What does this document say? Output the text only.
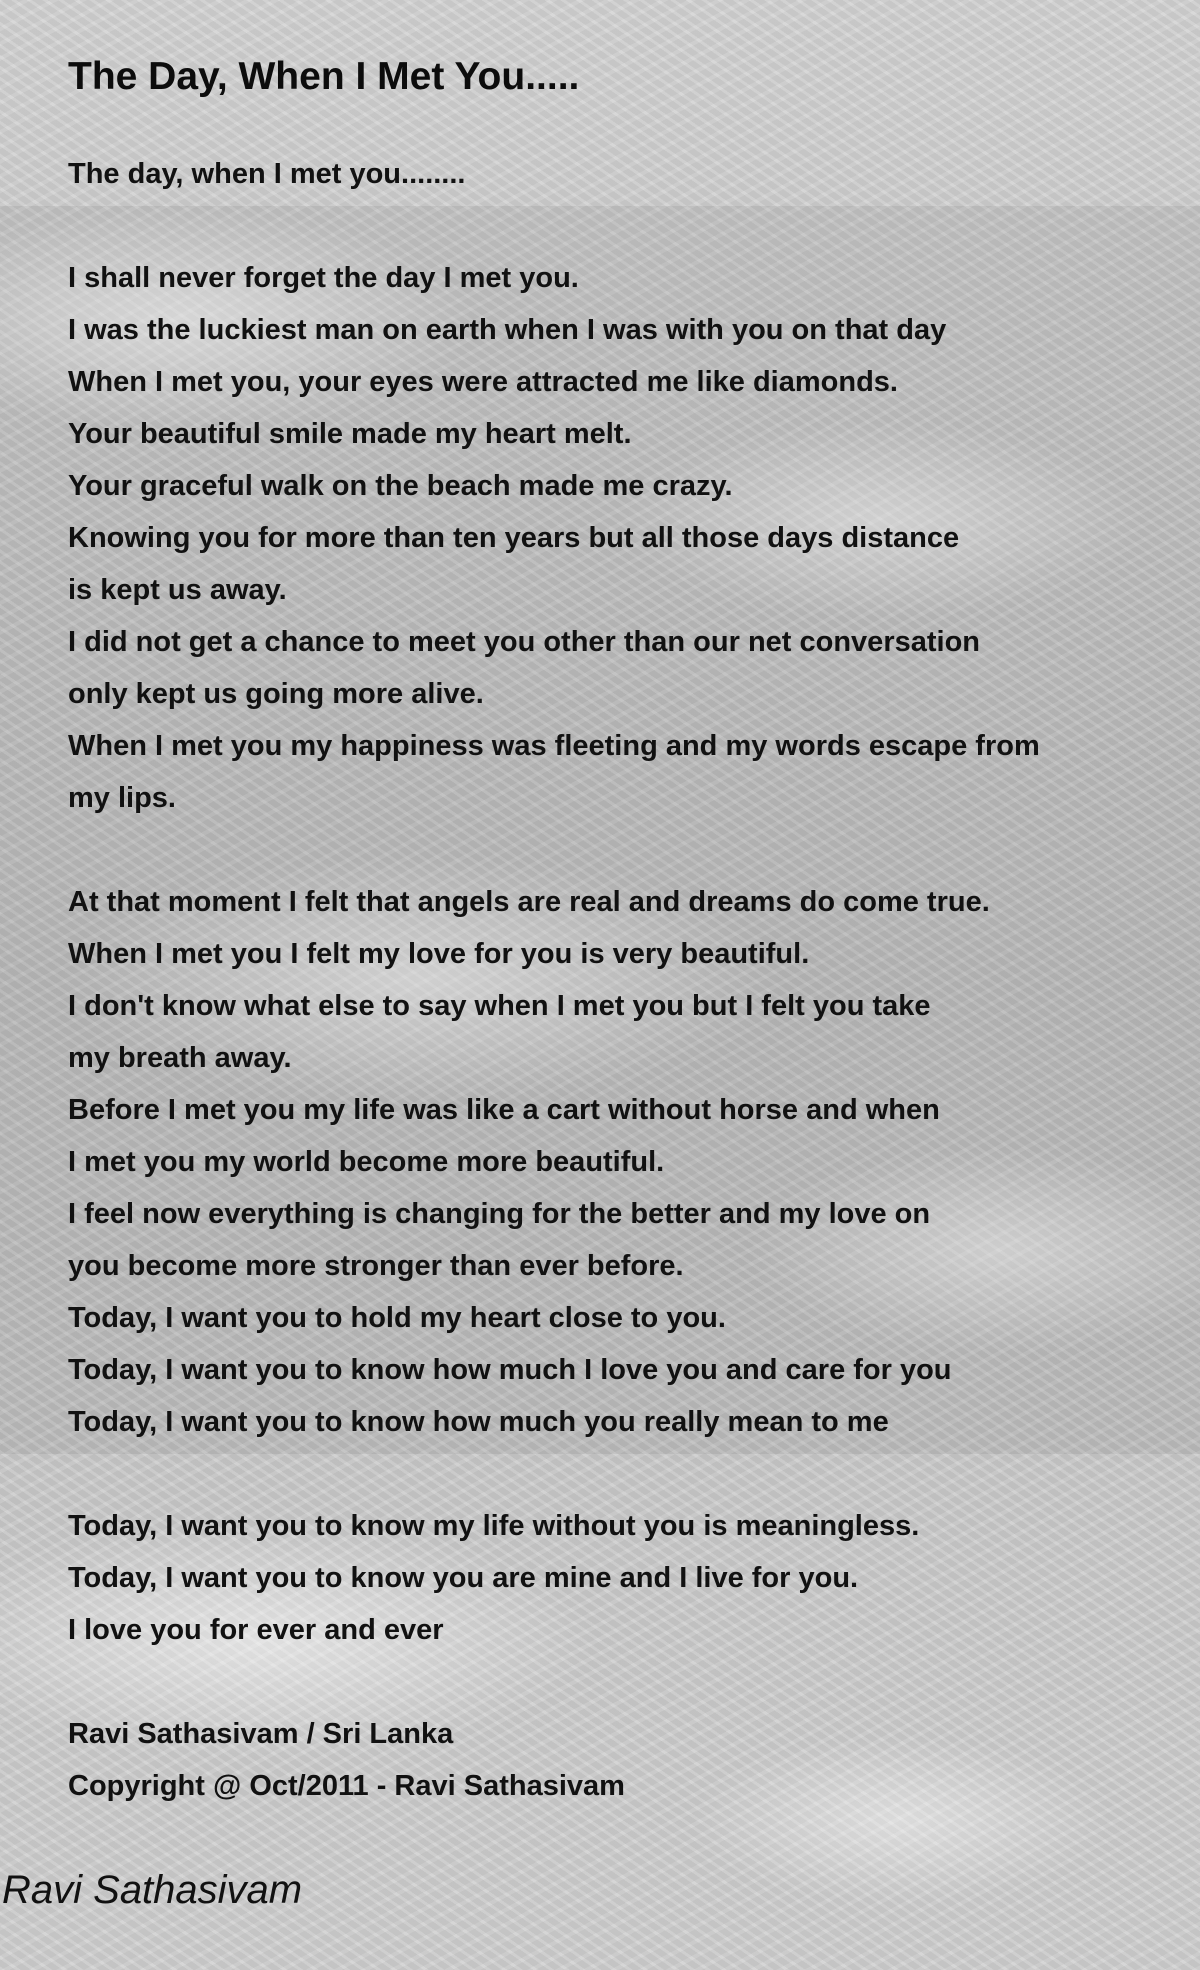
The Day, When I Met You.....
The day, when I met you........
I shall never forget the day I met you.
I was the luckiest man on earth when I was with you on that day
When I met you, your eyes were attracted me like diamonds.
Your beautiful smile made my heart melt.
Your graceful walk on the beach made me crazy.
Knowing you for more than ten years but all those days distance
is kept us away.
I did not get a chance to meet you other than our net conversation
only kept us going more alive.
When I met you my happiness was fleeting and my words escape from
my lips.
At that moment I felt that angels are real and dreams do come true.
When I met you I felt my love for you is very beautiful.
I don't know what else to say when I met you but I felt you take
my breath away.
Before I met you my life was like a cart without horse and when
I met you my world become more beautiful.
I feel now everything is changing for the better and my love on
you become more stronger than ever before.
Today, I want you to hold my heart close to you.
Today, I want you to know how much I love you and care for you
Today, I want you to know how much you really mean to me
Today, I want you to know my life without you is meaningless.
Today, I want you to know you are mine and I live for you.
I love you for ever and ever
Ravi Sathasivam / Sri Lanka
Copyright @ Oct/2011 - Ravi Sathasivam
Ravi Sathasivam
